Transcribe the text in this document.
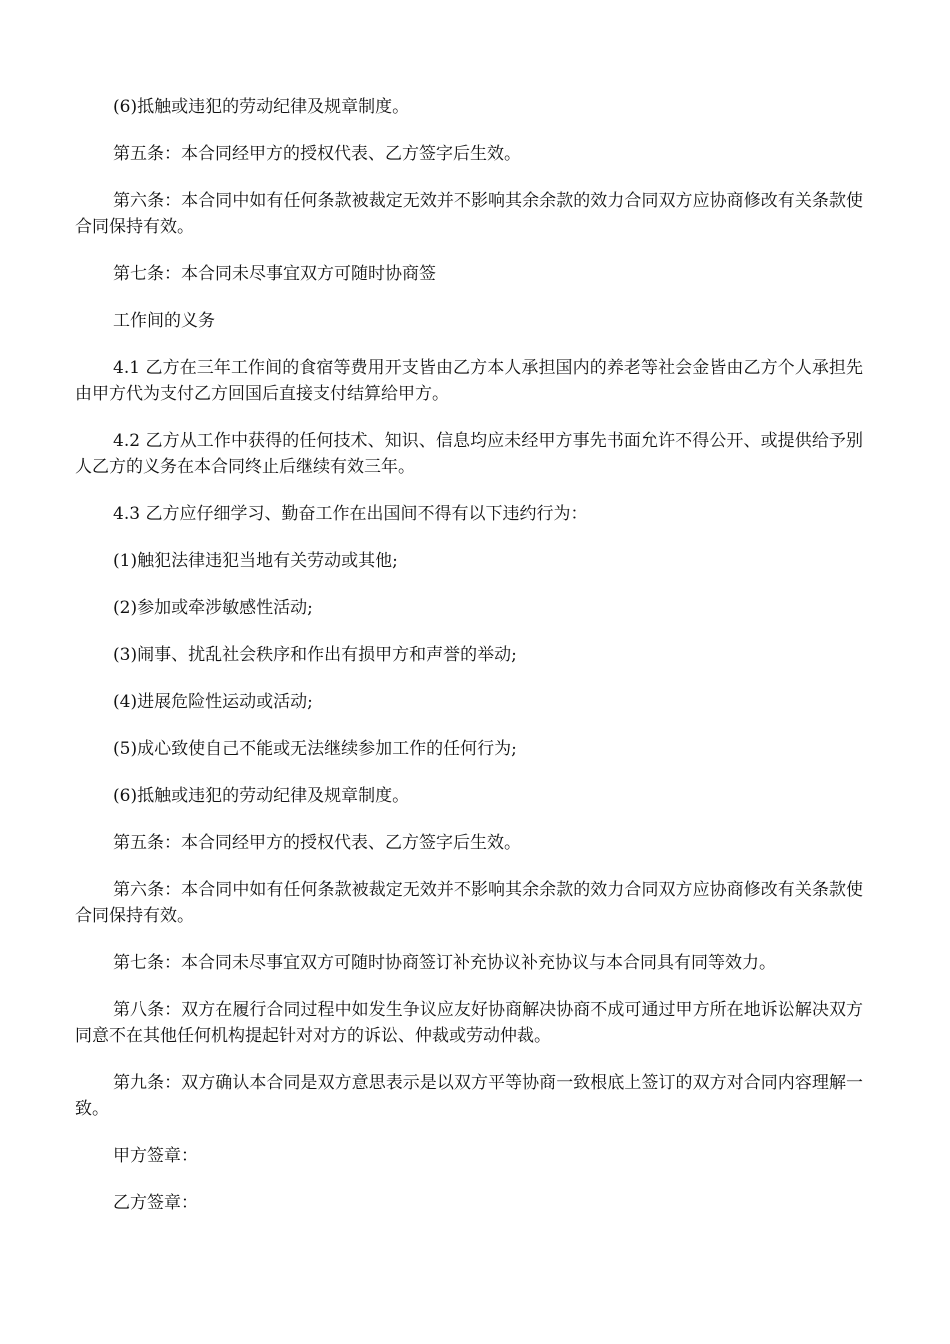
(6)抵触或违犯的劳动纪律及规章制度。

第五条：本合同经甲方的授权代表、乙方签字后生效。

第六条：本合同中如有任何条款被裁定无效并不影响其余余款的效力合同双方应协商修改有关条款使合同保持有效。

第七条：本合同未尽事宜双方可随时协商签

工作间的义务

4.1 乙方在三年工作间的食宿等费用开支皆由乙方本人承担国内的养老等社会金皆由乙方个人承担先由甲方代为支付乙方回国后直接支付结算给甲方。

4.2 乙方从工作中获得的任何技术、知识、信息均应未经甲方事先书面允许不得公开、或提供给予别人乙方的义务在本合同终止后继续有效三年。

4.3 乙方应仔细学习、勤奋工作在出国间不得有以下违约行为：

(1)触犯法律违犯当地有关劳动或其他;

(2)参加或牵涉敏感性活动;

(3)闹事、扰乱社会秩序和作出有损甲方和声誉的举动;

(4)进展危险性运动或活动;

(5)成心致使自己不能或无法继续参加工作的任何行为;

(6)抵触或违犯的劳动纪律及规章制度。

第五条：本合同经甲方的授权代表、乙方签字后生效。

第六条：本合同中如有任何条款被裁定无效并不影响其余余款的效力合同双方应协商修改有关条款使合同保持有效。

第七条：本合同未尽事宜双方可随时协商签订补充协议补充协议与本合同具有同等效力。

第八条：双方在履行合同过程中如发生争议应友好协商解决协商不成可通过甲方所在地诉讼解决双方同意不在其他任何机构提起针对对方的诉讼、仲裁或劳动仲裁。

第九条：双方确认本合同是双方意思表示是以双方平等协商一致根底上签订的双方对合同内容理解一致。

甲方签章：

乙方签章：
